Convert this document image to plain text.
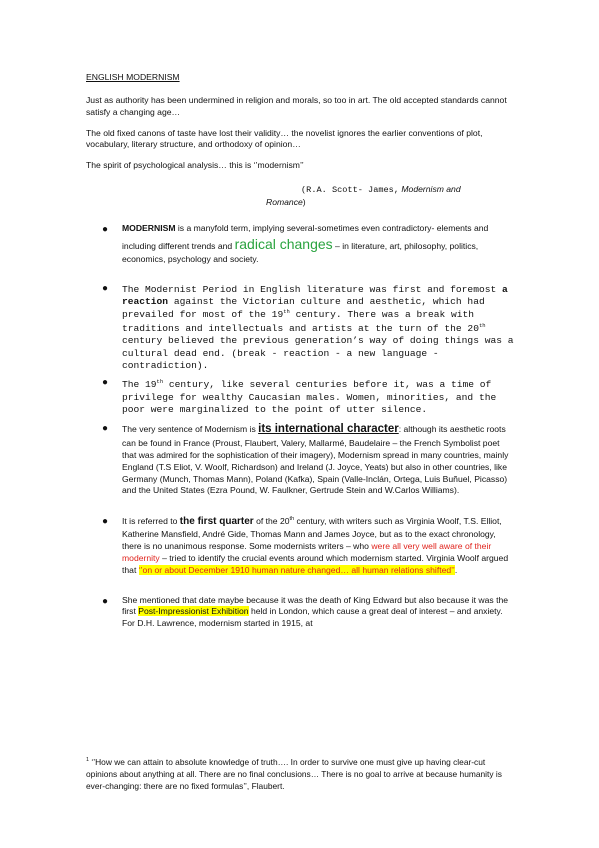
ENGLISH MODERNISM

Just as authority has been undermined in religion and morals, so too in art. The old accepted standards cannot satisfy a changing age…

The old fixed canons of taste have lost their validity… the novelist ignores the earlier conventions of plot, vocabulary, literary structure, and orthodoxy of opinion…

The spirit of psychological analysis… this is ‘’modernism’’

(R.A. Scott- James, Modernism and
Romance)
● MODERNISM is a manyfold term, implying several-sometimes even contradictory- elements and including different trends and radical changes – in literature, art, philosophy, politics, economics, psychology and society.
● The Modernist Period in English literature was first and foremost a reaction against the Victorian culture and aesthetic, which had prevailed for most of the 19th century. There was a break with traditions and intellectuals and artists at the turn of the 20th century believed the previous generation’s way of doing things was a cultural dead end. (break - reaction - a new language - contradiction).
● The 19th century, like several centuries before it, was a time of privilege for wealthy Caucasian males. Women, minorities, and the poor were marginalized to the point of utter silence.
● The very sentence of Modernism is its international character: although its aesthetic roots can be found in France (Proust, Flaubert, Valery, Mallarmé, Baudelaire – the French Symbolist poet that was admired for the sophistication of their imagery), Modernism spread in many countries, mainly England (T.S Eliot, V. Woolf, Richardson) and Ireland (J. Joyce, Yeats) but also in other countries, like Germany (Munch, Thomas Mann), Poland (Kafka), Spain (Valle-Inclán, Ortega, Luis Buñuel, Picasso) and the United States (Ezra Pound, W. Faulkner, Gertrude Stein and W.Carlos Williams).
● It is referred to the first quarter of the 20th century, with writers such as Virginia Woolf, T.S. Elliot, Katherine Mansfield, André Gide, Thomas Mann and James Joyce, but as to the exact chronology, there is no unanimous response. Some modernists writers – who were all very well aware of their modernity – tried to identify the crucial events around which modernism started. Virginia Woolf argued that ‘’on or about December 1910 human nature changed… all human relations shifted’’.
● She mentioned that date maybe because it was the death of King Edward but also because it was the first Post-Impressionist Exhibition held in London, which cause a great deal of interest – and anxiety. For D.H. Lawrence, modernism started in 1915, at
$^1$ ‘’How we can attain to absolute knowledge of truth…. In order to survive one must give up having clear-cut opinions about anything at all. There are no final conclusions… There is no goal to arrive at because humanity is ever-changing: there are no fixed formulas’’, Flaubert.
